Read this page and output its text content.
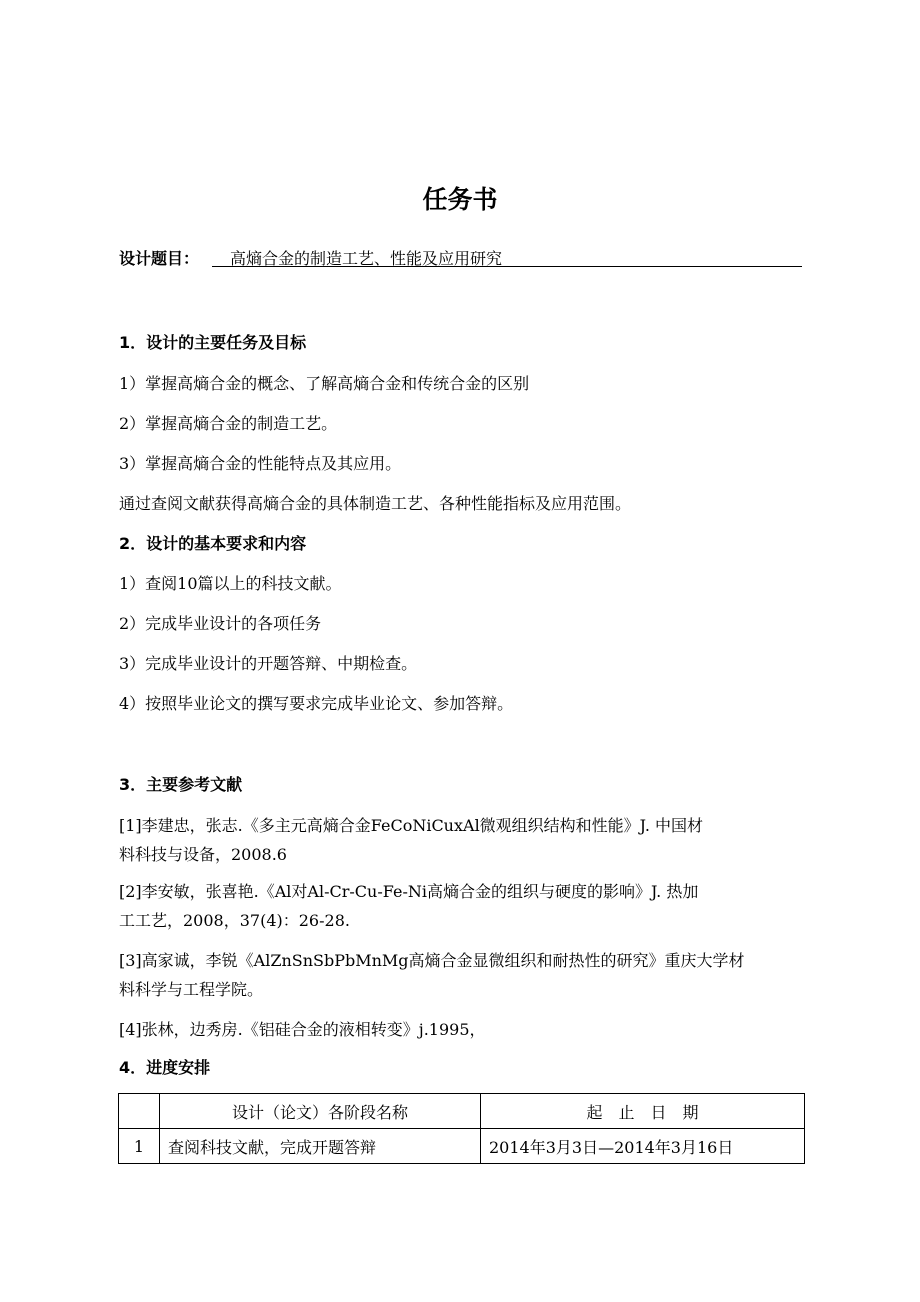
任务书
设计题目： 高熵合金的制造工艺、性能及应用研究
1．设计的主要任务及目标
1）掌握高熵合金的概念、了解高熵合金和传统合金的区别
2）掌握高熵合金的制造工艺。
3）掌握高熵合金的性能特点及其应用。
通过查阅文献获得高熵合金的具体制造工艺、各种性能指标及应用范围。
2．设计的基本要求和内容
1）查阅10篇以上的科技文献。
2）完成毕业设计的各项任务
3）完成毕业设计的开题答辩、中期检查。
4）按照毕业论文的撰写要求完成毕业论文、参加答辩。
3．主要参考文献
[1]李建忠，张志.《多主元高熵合金FeCoNiCuxAl微观组织结构和性能》J. 中国材
料科技与设备，2008.6
[2]李安敏，张喜艳.《Al对Al-Cr-Cu-Fe-Ni高熵合金的组织与硬度的影响》J. 热加
工工艺，2008，37(4)：26-28.
[3]高家诚，李锐《AlZnSnSbPbMnMg高熵合金显微组织和耐热性的研究》重庆大学材
料科学与工程学院。
[4]张林，边秀房.《铝硅合金的液相转变》j.1995，
4．进度安排
	设计（论文）各阶段名称	起　止　日　期
1	查阅科技文献，完成开题答辩	2014年3月3日—2014年3月16日
